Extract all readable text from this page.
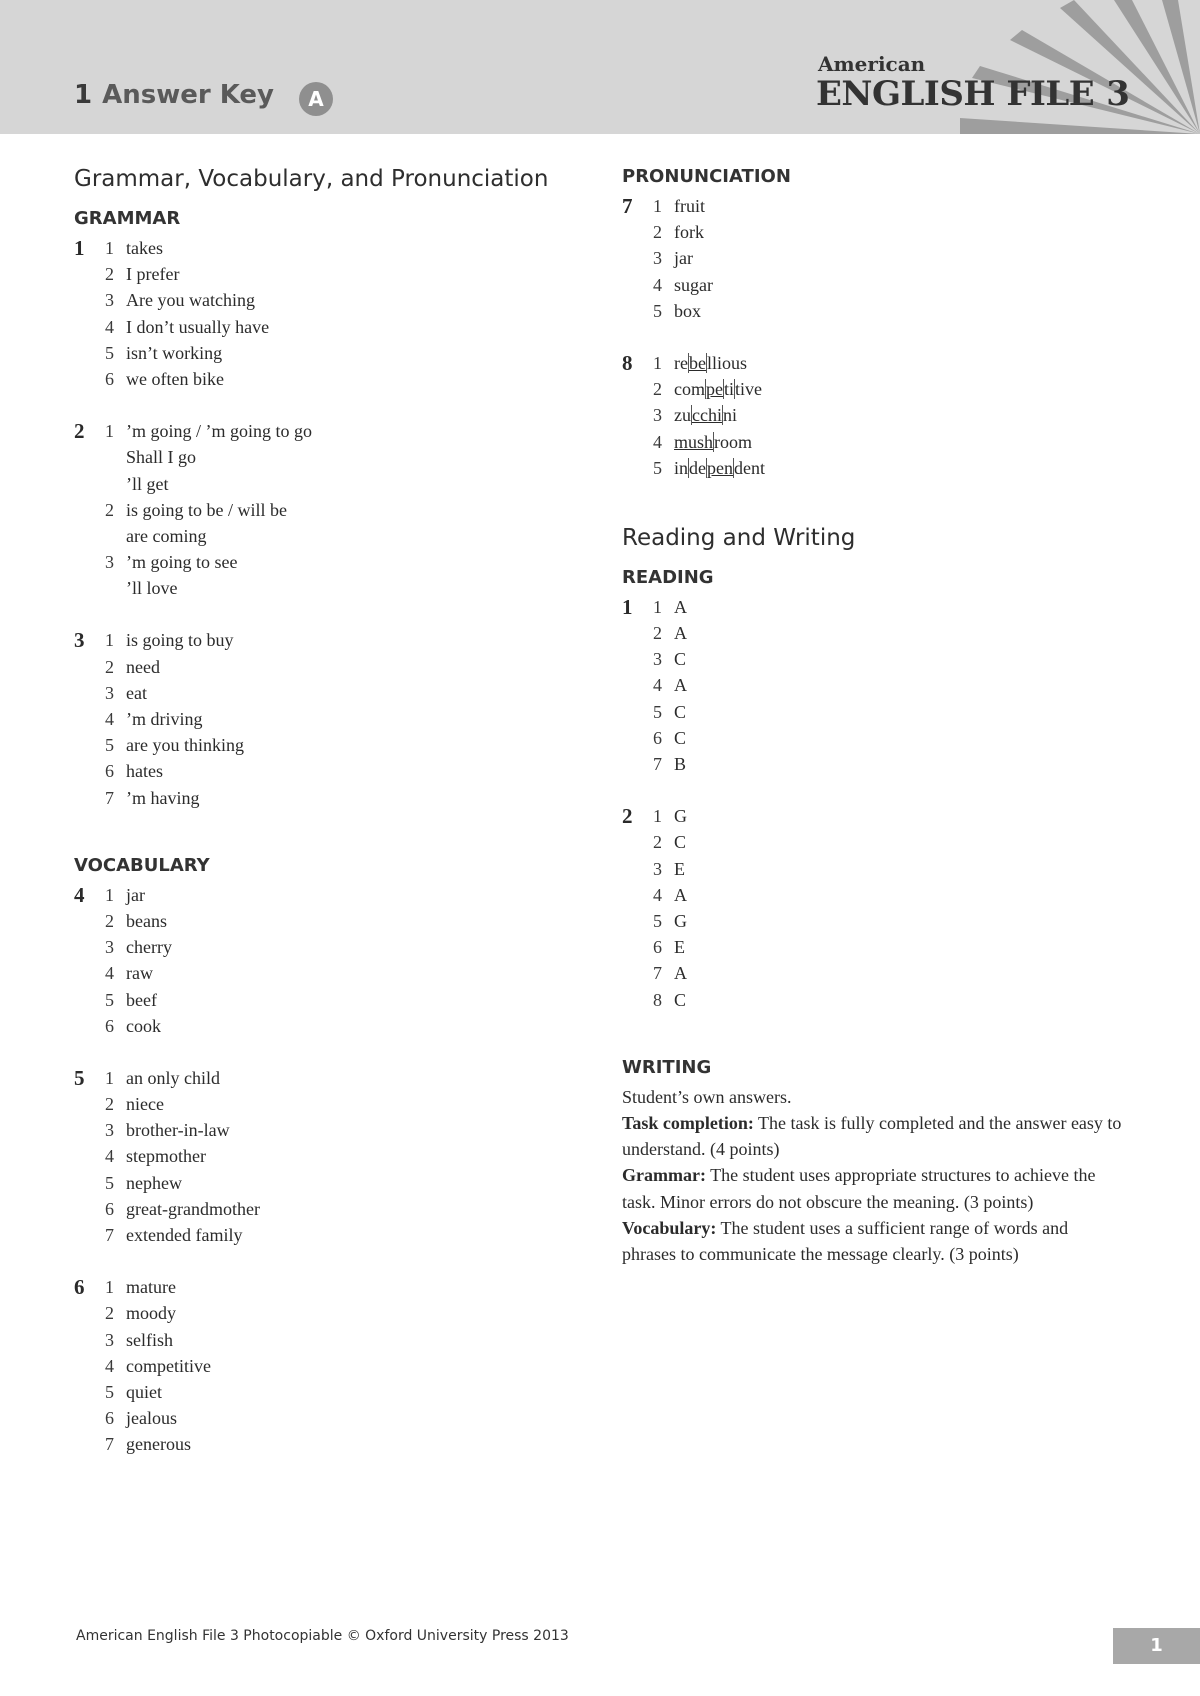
1 Answer Key	A
American
ENGLISH FILE 3
Grammar, Vocabulary, and Pronunciation
GRAMMAR
1	1 takes
2 I prefer
3 Are you watching
4 I don’t usually have
5 isn’t working
6 we often bike
2	1 ’m going / ’m going to go
Shall I go
’ll get
2 is going to be / will be
are coming
3 ’m going to see
’ll love
3	1 is going to buy
2 need
3 eat
4 ’m driving
5 are you thinking
6 hates
7 ’m having
VOCABULARY
4	1 jar
2 beans
3 cherry
4 raw
5 beef
6 cook
5	1 an only child
2 niece
3 brother-in-law
4 stepmother
5 nephew
6 great-grandmother
7 extended family
6	1 mature
2 moody
3 selfish
4 competitive
5 quiet
6 jealous
7 generous
PRONUNCIATION
7	1 fruit
2 fork
3 jar
4 sugar
5 box
8	1 rebellious
2 competitive
3 zucchini
4 mushroom
5 independent
Reading and Writing
READING
1	1 A
2 A
3 C
4 A
5 C
6 C
7 B
2	1 G
2 C
3 E
4 A
5 G
6 E
7 A
8 C
WRITING

Student’s own answers.

Task completion: The task is fully completed and the answer easy to understand. (4 points)

Grammar: The student uses appropriate structures to achieve the task. Minor errors do not obscure the meaning. (3 points)

Vocabulary: The student uses a sufficient range of words and phrases to communicate the message clearly. (3 points)

American English File 3 Photocopiable © Oxford University Press 2013	1
